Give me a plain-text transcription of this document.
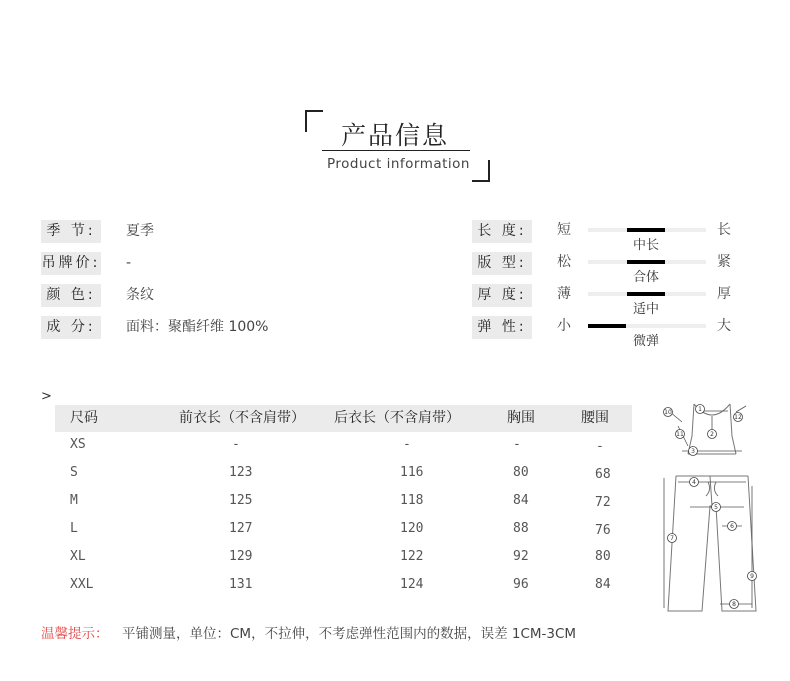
产品信息
Product information
季 节:	夏季
吊牌价: -
颜 色:	条纹
成 分:	面料：聚酯纤维 100%
长 度:	短
中长
长
版 型:	松
合体
紧
厚 度:	薄
适中
厚
弹 性:	小
微弹
大
>
尺码	前衣长（不含肩带） 后衣长（不含肩带）	胸围	腰围
XS	-	-	-	-
S	123	116	80	68
M	125	118	84	72
L	127	120	88	76
XL	129	122	92	80
XXL	131	124	96	84
温馨提示： 平铺测量，单位：CM，不拉伸，不考虑弹性范围内的数据，误差 1CM-3CM
1
2
3
4
5
6
7
8
9
10
11
12
